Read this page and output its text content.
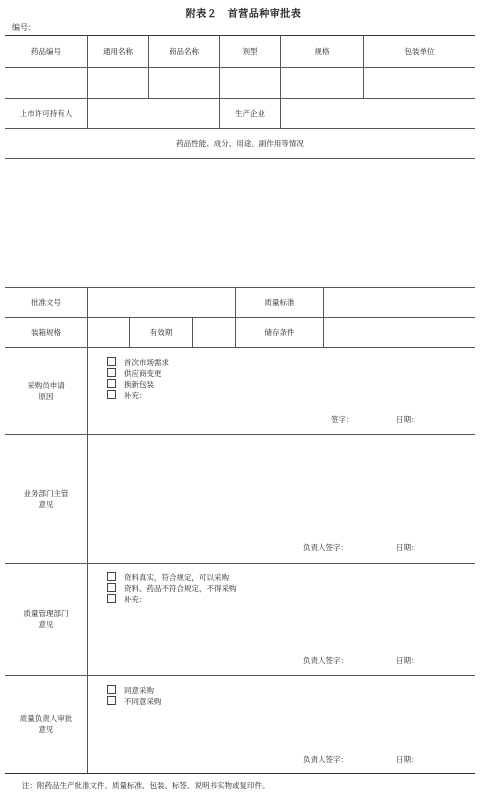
附表２　首营品种审批表
编号：
药品编号	通用名称	商品名称	剂型	规格	包装单位
上市许可持有人	生产企业
药品性能、成分、用途、副作用等情况
批准文号	质量标准
装箱规格	有效期	储存条件
采购员申请
原因
首次市场需求
供应商变更
换新包装
补充：
签字：	日期：
业务部门主管
意见
负责人签字：	日期：
质量管理部门
意见
资料真实，符合规定，可以采购
资料、药品不符合规定，不得采购
补充：
负责人签字：	日期：
质量负责人审批
意见
同意采购
不同意采购
负责人签字：	日期：
注：附药品生产批准文件、质量标准、包装、标签、说明书实物或复印件。
